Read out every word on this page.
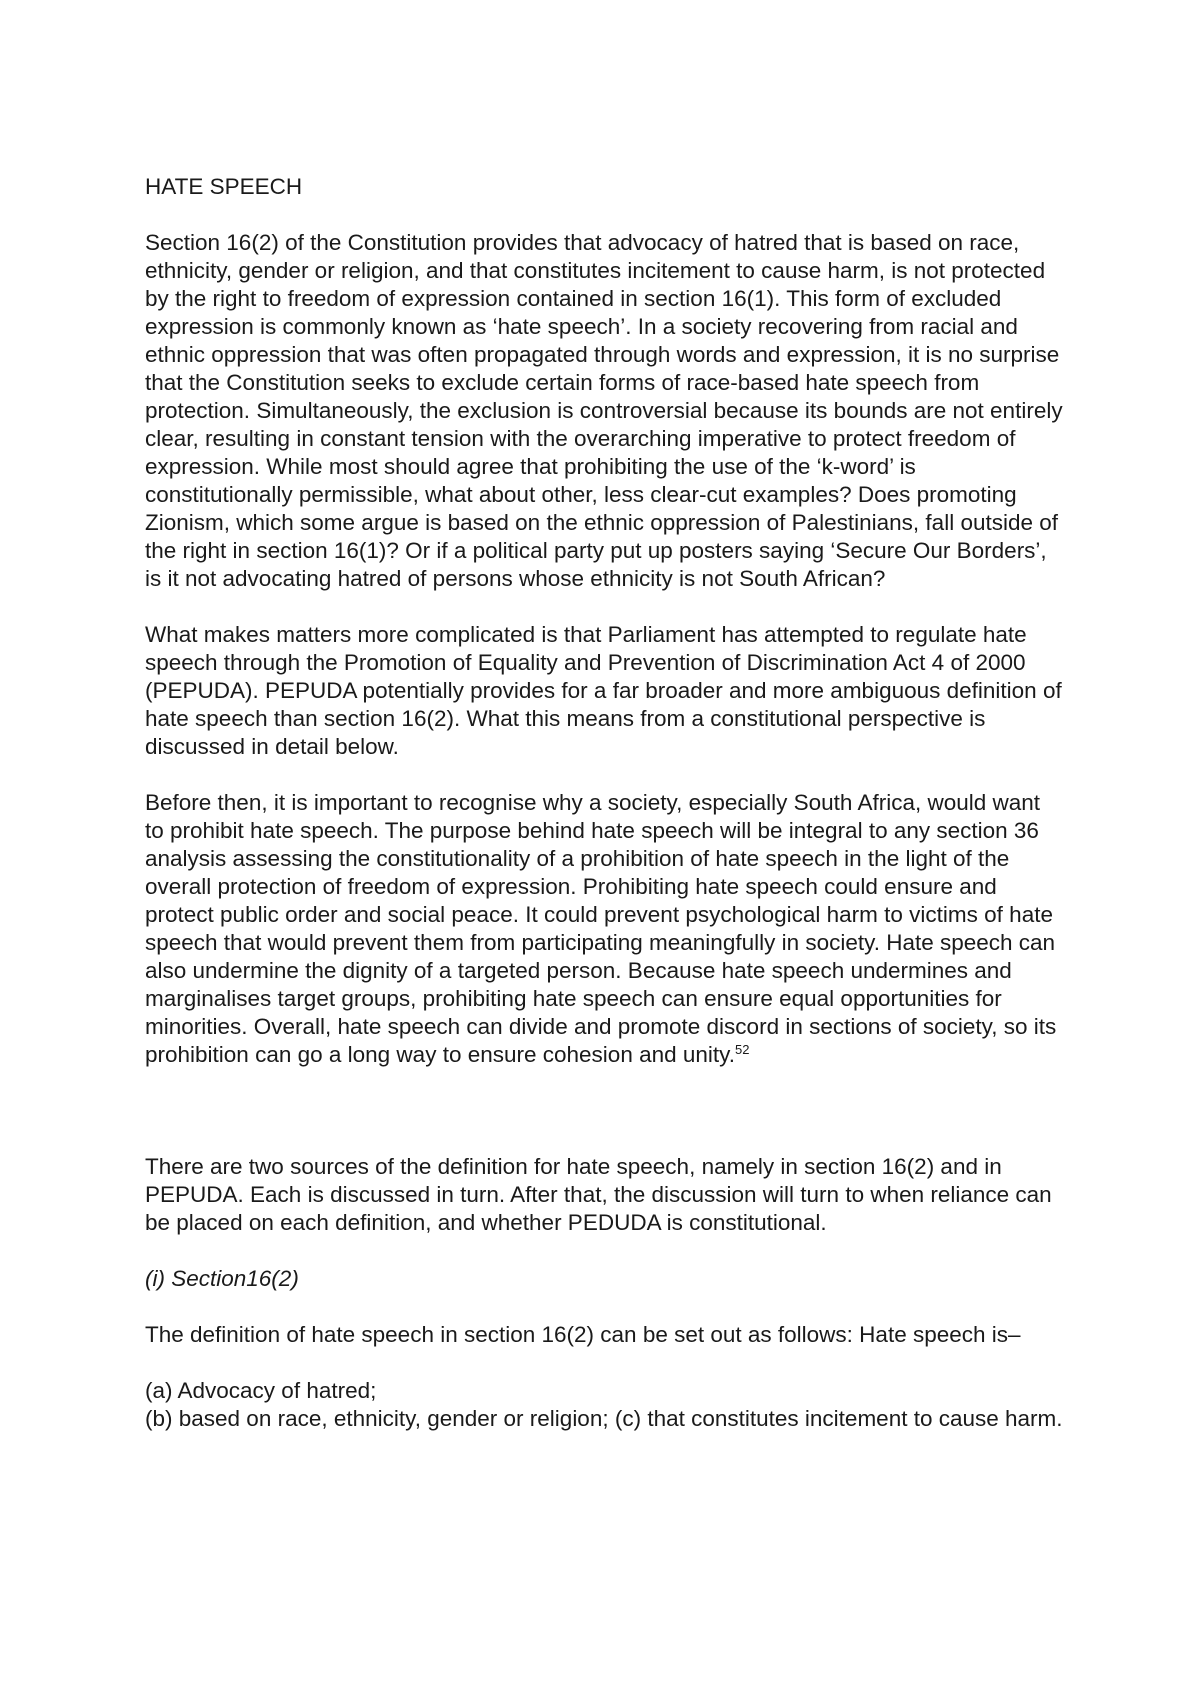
HATE SPEECH

Section 16(2) of the Constitution provides that advocacy of hatred that is based on race, ethnicity, gender or religion, and that constitutes incitement to cause harm, is not protected by the right to freedom of expression contained in section 16(1). This form of excluded expression is commonly known as ‘hate speech’. In a society recovering from racial and ethnic oppression that was often propagated through words and expression, it is no surprise that the Constitution seeks to exclude certain forms of race-based hate speech from protection. Simultaneously, the exclusion is controversial because its bounds are not entirely clear, resulting in constant tension with the overarching imperative to protect freedom of expression. While most should agree that prohibiting the use of the ‘k-word’ is constitutionally permissible, what about other, less clear-cut examples? Does promoting Zionism, which some argue is based on the ethnic oppression of Palestinians, fall outside of the right in section 16(1)? Or if a political party put up posters saying ‘Secure Our Borders’, is it not advocating hatred of persons whose ethnicity is not South African?

What makes matters more complicated is that Parliament has attempted to regulate hate speech through the Promotion of Equality and Prevention of Discrimination Act 4 of 2000 (PEPUDA). PEPUDA potentially provides for a far broader and more ambiguous definition of hate speech than section 16(2). What this means from a constitutional perspective is discussed in detail below.

Before then, it is important to recognise why a society, especially South Africa, would want to prohibit hate speech. The purpose behind hate speech will be integral to any section 36 analysis assessing the constitutionality of a prohibition of hate speech in the light of the overall protection of freedom of expression. Prohibiting hate speech could ensure and protect public order and social peace. It could prevent psychological harm to victims of hate speech that would prevent them from participating meaningfully in society. Hate speech can also undermine the dignity of a targeted person. Because hate speech undermines and marginalises target groups, prohibiting hate speech can ensure equal opportunities for minorities. Overall, hate speech can divide and promote discord in sections of society, so its prohibition can go a long way to ensure cohesion and unity.$^{52}$

There are two sources of the definition for hate speech, namely in section 16(2) and in PEPUDA. Each is discussed in turn. After that, the discussion will turn to when reliance can be placed on each definition, and whether PEDUDA is constitutional.

(i) Section16(2)

The definition of hate speech in section 16(2) can be set out as follows: Hate speech is–

(a) Advocacy of hatred;

(b) based on race, ethnicity, gender or religion; (c) that constitutes incitement to cause harm.
